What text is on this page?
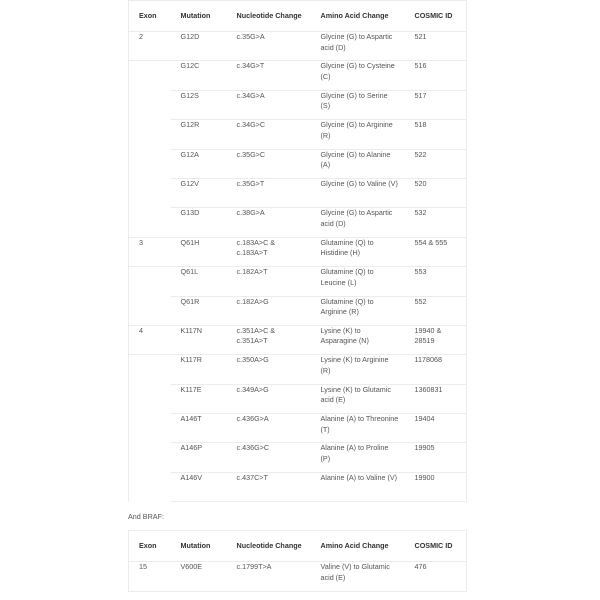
Exon	Mutation	Nucleotide Change	Amino Acid Change	COSMIC ID
2	G12D	c.35G>A	Glycine (G) to Aspartic acid (D)	521
	G12C	c.34G>T	Glycine (G) to Cysteine (C)	516
	G12S	c.34G>A	Glycine (G) to Serine (S)	517
	G12R	c.34G>C	Glycine (G) to Arginine (R)	518
	G12A	c.35G>C	Glycine (G) to Alanine (A)	522
	G12V	c.35G>T	Glycine (G) to Valine (V)	520
	G13D	c.38G>A	Glycine (G) to Aspartic acid (D)	532
3	Q61H	c.183A>C & c.183A>T	Glutamine (Q) to Histidine (H)	554 & 555
	Q61L	c.182A>T	Glutamine (Q) to Leucine (L)	553
	Q61R	c.182A>G	Glutamine (Q) to Arginine (R)	552
4	K117N	c.351A>C & c.351A>T	Lysine (K) to Asparagine (N)	19940 & 28519
	K117R	c.350A>G	Lysine (K) to Arginine (R)	1178068
	K117E	c.349A>G	Lysine (K) to Glutamic acid (E)	1360831
	A146T	c.436G>A	Alanine (A) to Threonine (T)	19404
	A146P	c.436G>C	Alanine (A) to Proline (P)	19905
	A146V	c.437C>T	Alanine (A) to Valine (V)	19900
And BRAF:
Exon	Mutation	Nucleotide Change	Amino Acid Change	COSMIC ID
15	V600E	c.1799T>A	Valine (V) to Glutamic acid (E)	476
